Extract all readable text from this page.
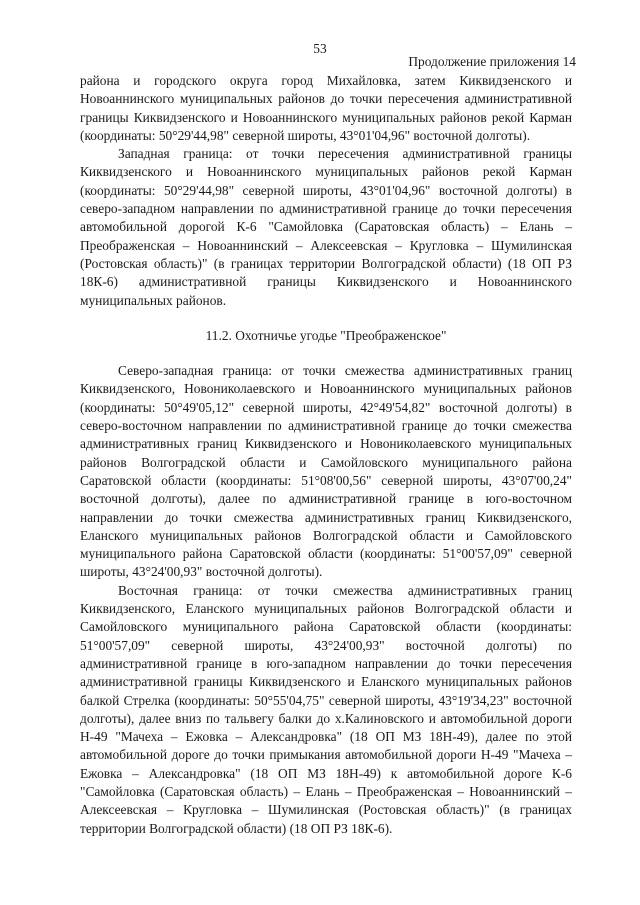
53
Продолжение приложения 14

района и городского округа город Михайловка, затем Киквидзенского и Новоаннинского муниципальных районов до точки пересечения административной границы Киквидзенского и Новоаннинского муниципальных районов рекой Карман (координаты: 50°29'44,98" северной широты, 43°01'04,96" восточной долготы).

Западная граница: от точки пересечения административной границы Киквидзенского и Новоаннинского муниципальных районов рекой Карман (координаты: 50°29'44,98" северной широты, 43°01'04,96" восточной долготы) в северо-западном направлении по административной границе до точки пересечения автомобильной дорогой К-6 "Самойловка (Саратовская область) – Елань – Преображенская – Новоаннинский – Алексеевская – Кругловка – Шумилинская (Ростовская область)" (в границах территории Волгоградской области) (18 ОП РЗ 18К-6) административной границы Киквидзенского и Новоаннинского муниципальных районов.

11.2. Охотничье угодье "Преображенское"

Северо-западная граница: от точки смежества административных границ Киквидзенского, Новониколаевского и Новоаннинского муниципальных районов (координаты: 50°49'05,12" северной широты, 42°49'54,82" восточной долготы) в северо-восточном направлении по административной границе до точки смежества административных границ Киквидзенского и Новониколаевского муниципальных районов Волгоградской области и Самойловского муниципального района Саратовской области (координаты: 51°08'00,56" северной широты, 43°07'00,24" восточной долготы), далее по административной границе в юго-восточном направлении до точки смежества административных границ Киквидзенского, Еланского муниципальных районов Волгоградской области и Самойловского муниципального района Саратовской области (координаты: 51°00'57,09" северной широты, 43°24'00,93" восточной долготы).

Восточная граница: от точки смежества административных границ Киквидзенского, Еланского муниципальных районов Волгоградской области и Самойловского муниципального района Саратовской области (координаты: 51°00'57,09" северной широты, 43°24'00,93" восточной долготы) по административной границе в юго-западном направлении до точки пересечения административной границы Киквидзенского и Еланского муниципальных районов балкой Стрелка (координаты: 50°55'04,75" северной широты, 43°19'34,23" восточной долготы), далее вниз по тальвегу балки до х.Калиновского и автомобильной дороги Н-49 "Мачеха – Ежовка – Александровка" (18 ОП МЗ 18Н-49), далее по этой автомобильной дороге до точки примыкания автомобильной дороги Н-49 "Мачеха – Ежовка – Александровка" (18 ОП МЗ 18Н-49) к автомобильной дороге К-6 "Самойловка (Саратовская область) – Елань – Преображенская – Новоаннинский – Алексеевская – Кругловка – Шумилинская (Ростовская область)" (в границах территории Волгоградской области) (18 ОП РЗ 18К-6).
